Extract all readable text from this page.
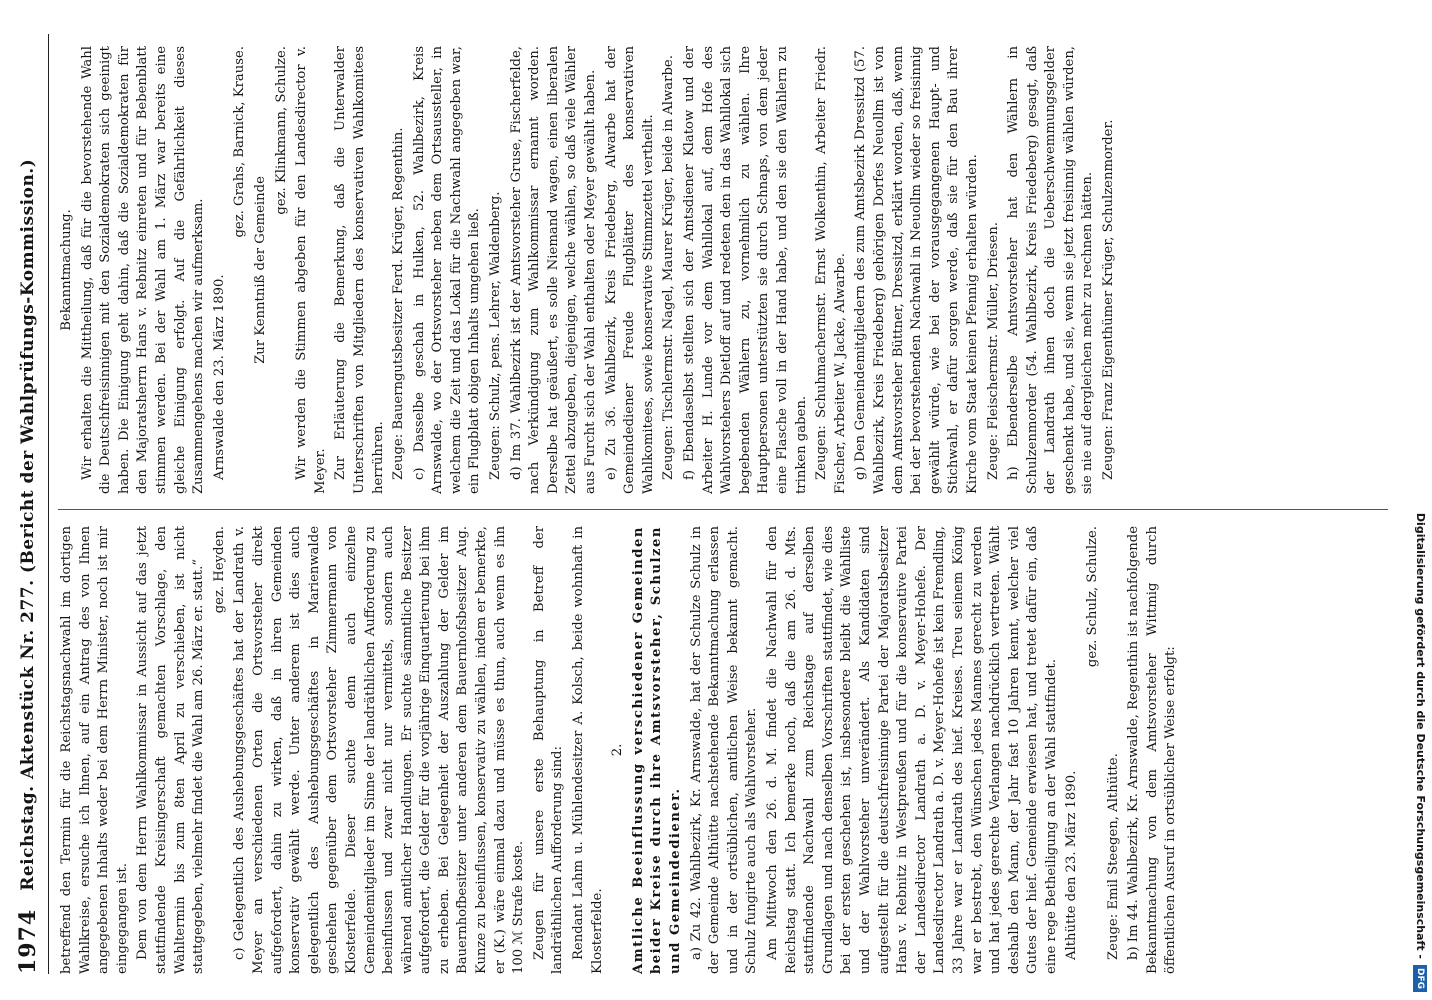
1974
Reichstag. Aktenstück Nr. 277. (Bericht der Wahlprüfungs-Kommission.) betreffend den Termin für die Reichstagsnachwahl im dortigen Wahlkreise, ersuche ich Ihnen, auf ein Antrag des von Ihnen angegebenen Inhalts weder bei dem Herrn Minister, noch ist mir eingegangen ist. Dem von dem Herrn Wahlkommissar in Aussicht auf das jetzt stattfindende Kreisingerschaft gemachten Vorschlage, den Wahltermin bis zum 8ten April zu verschieben, ist nicht stattgegeben, vielmehr findet die Wahl am 26. März er. statt.“ gez. Heyden. c) Gelegentlich des Aushebungsgeschäftes hat der Landrath v. Meyer an verschiedenen Orten die Ortsvorsteher direkt aufgefordert, dahin zu wirken, daß in ihren Gemeinden konservativ gewählt werde. Unter anderem ist dies auch gelegentlich des Aushebungsgeschäftes in Marienwalde geschehen gegenüber dem Ortsvorsteher Zimmermann von Klosterfelde. Dieser suchte denn auch einzelne Gemeindemitglieder im Sinne der landräthlichen Aufforderung zu beeinflussen und zwar nicht nur vermittels, sondern auch während amtlicher Handlungen. Er suchte sämmtliche Besitzer aufgefordert, die Gelder für die vorjährige Einquartierung bei ihm zu erheben. Bei Gelegenheit der Auszahlung der Gelder im Bauernhofbesitzer unter anderen dem Bauernhofsbesitzer Aug. Kunze zu beeinflussen, konservativ zu wählen, indem er bemerkte, er (K.) wäre einmal dazu und müsse es thun, auch wenn es ihn 100 ℳ Strafe koste. Zeugen für unsere erste Behauptung in Betreff der landräthlichen Aufforderung sind: Rendant Lahm u. Mühlendesitzer A. Kolsch, beide wohnhaft in Klosterfelde.

2. Amtliche Beeinflussung verschiedener Gemeinden beider Kreise durch ihre Amtsvorsteher, Schulzen und Gemeindediener. a) Zu 42. Wahlbezirk, Kr. Arnswalde, hat der Schulze Schulz in der Gemeinde Althütte nachstehende Bekanntmachung erlassen und in der ortsüblichen, amtlichen Weise bekannt gemacht. Schulz fungirte auch als Wahlvorsteher. Am Mittwoch den 26. d. M. findet die Nachwahl für den Reichstag statt. Ich bemerke noch, daß die am 26. d. Mts. stattfindende Nachwahl zum Reichstage auf derselben Grundlagen und nach denselben Vorschriften stattfindet, wie dies bei der ersten geschehen ist, insbesondere bleibt die Wahlliste und der Wahlvorsteher unverändert. Als Kandidaten sind aufgestellt für die deutschfreisinnige Partei der Majoratsbesitzer Hans v. Rebnitz in Westpreußen und für die konservative Partei der Landesdirector Landrath a. D. v. Meyer-Hohefe. Der Landesdirector Landrath a. D. v. Meyer-Hohefe ist kein Fremdling, 33 Jahre war er Landrath des hief. Kreises. Treu seinem König war er bestrebt, den Wünschen jedes Mannes gerecht zu werden und hat jedes gerechte Verlangen nachdrücklich vertreten. Wählt deshalb den Mann, der Jahr fast 10 Jahren kennt, welcher viel Gutes der hief. Gemeinde erwiesen hat, und tretet dafür ein, daß eine rege Betheiligung an der Wahl stattfindet. Althütte den 23. März 1890.

gez. Schulz, Schulze.

Zeuge: Emil Steegen, Althütte. b) Im 44. Wahlbezirk, Kr. Arnswalde, Regenthin ist nachfolgende Bekanntmachung von dem Amtsvorsteher Wittmig durch öffentlichen Ausruf in ortsüblicher Weise erfolgt:

Bekanntmachung. Wir erhalten die Mittheilung, daß für die bevorstehende Wahl die Deutschfreisinnigen mit den Sozialdemokraten sich geeinigt haben. Die Einigung geht dahin, daß die Sozialdemokraten für den Majoratsherrn Hans v. Rebnitz einreten und für Bebenblatt stimmen werden. Bei der Wahl am 1. März war bereits eine gleiche Einigung erfolgt. Auf die Gefährlichkeit dieses Zusammengehens machen wir aufmerksam. Arnswalde den 23. März 1890.

gez. Grahs, Barnick, Krause.

Zur Kenntniß der Gemeinde

gez. Klinkmann, Schulze. Wir werden die Stimmen abgeben für den Landesdirector v. Meyer. Zur Erläuterung die Bemerkung, daß die Unterwalder Unterschriften von Mitgliedern des konservativen Wahlkomitees herrühren. Zeuge: Bauerngutsbesitzer Ferd. Krüger, Regenthin. c) Dasselbe geschah in Hulken, 52. Wahlbezirk, Kreis Arnswalde, wo der Ortsvorsteher neben dem Ortsaussteller, in welchem die Zeit und das Lokal für die Nachwahl angegeben war, ein Flugblatt obigen Inhalts umgehen ließ. Zeugen: Schulz, pens. Lehrer, Waldenberg. d) Im 37. Wahlbezirk ist der Amtsvorsteher Gruse, Fischerfelde, nach Verkündigung zum Wahlkommissar ernannt worden. Derselbe hat geäußert, es solle Niemand wagen, einen liberalen Zettel abzugeben, diejenigen, welche wählen, so daß viele Wähler aus Furcht sich der Wahl enthalten oder Meyer gewählt haben. e) Zu 36. Wahlbezirk, Kreis Friedeberg, Alwarbe hat der Gemeindediener Freude Flugblätter des konservativen Wahlkomitees, sowie konservative Stimmzettel vertheilt. Zeugen: Tischlermstr. Nagel, Maurer Krüger, beide in Alwarbe. f) Ebendaselbst stellten sich der Amtsdiener Klatow und der Arbeiter H. Lunde vor dem Wahllokal auf, dem Hofe des Wahlvorstehers Dietloff auf und redeten den in das Wahllokal sich begebenden Wählern zu, vornehmlich zu wählen. Ihre Hauptpersonen unterstützten sie durch Schnaps, von dem jeder eine Flasche voll in der Hand habe, und den sie den Wählern zu trinken gaben. Zeugen: Schuhmachermstr. Ernst Wolkenthin, Arbeiter Friedr. Fischer, Arbeiter W. Jacke, Alwarbe. g) Den Gemeindemitgliedern des zum Amtsbezirk Dressitzd (57. Wahlbezirk, Kreis Friedeberg) gehörigen Dorfes Neuollm ist von dem Amtsvorsteher Büttner, Dressitzd, erklärt worden, daß, wenn bei der bevorstehenden Nachwahl in Neuollm wieder so freisinnig gewählt würde, wie bei der vorausgegangenen Haupt- und Stichwahl, er dafür sorgen werde, daß sie für den Bau ihrer Kirche vom Staat keinen Pfennig erhalten würden. Zeuge: Fleischermstr. Müller, Driesen. h) Ebenderselbe Amtsvorsteher hat den Wählern in Schulzenmorder (54. Wahlbezirk, Kreis Friedeberg) gesagt, daß der Landrath ihnen doch die Ueberschwemmungsgelder geschenkt habe, und sie, wenn sie jetzt freisinnig wählen würden, sie nie auf dergleichen mehr zu rechnen hätten. Zeugen: Franz Eigenthümer Krüger, Schulzenmorder.

Digitalisierung gefördert durch die Deutsche Forschungsgemeinschaft -
DFG
